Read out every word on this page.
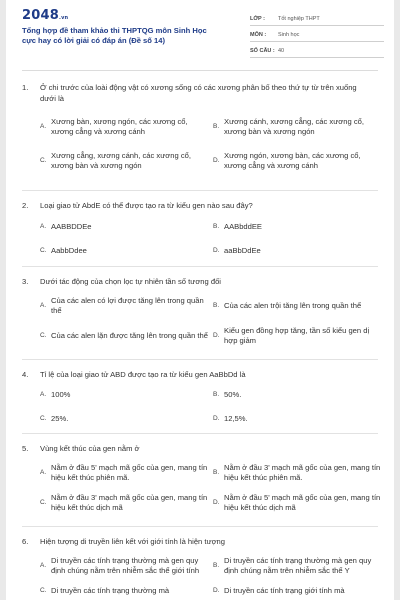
2048.vn
Tổng hợp đề tham khảo thi THPTQG môn Sinh Học cực hay có lời giải có đáp án (Đề số 14)
LỚP :	Tốt nghiệp THPT
MÔN :	Sinh học
SỐ CÂU : 40
1.	Ở chi trước của loài động vật có xương sống có các xương phân bố theo thứ tự từ trên xuống dưới là
A.
Xương bàn, xương ngón, các xương cổ, xương cẳng và xương cánh
B.
Xương cánh, xương cẳng, các xương cổ, xương bàn và xương ngón
C.
Xương cẳng, xương cánh, các xương cổ, xương bàn và xương ngón
D.
Xương ngón, xương bàn, các xương cổ, xương cẳng và xương cánh
2.	Loại giao tử AbdE có thể được tạo ra từ kiểu gen nào sau đây?
A. AABBDDEe	B. AABbddEE
C. AabbDdee	D. aaBbDdEe
3.	Dưới tác động của chọn lọc tự nhiên tần số tương đối
A.
Của các alen có lợi được tăng lên trong quần thể
B. Của các alen trội tăng lên trong quần thể
C. Của các alen lặn được tăng lên trong quần thể D.
Kiểu gen đồng hợp tăng, tần số kiểu gen dị hợp giảm
4.	Tỉ lệ của loại giao tử ABD được tạo ra từ kiểu gen AaBbDd là
A. 100%	B. 50%.
C. 25%.	D. 12,5%.
5.	Vùng kết thúc của gen nằm ở
A.
Nằm ở đầu 5' mạch mã gốc của gen, mang tín hiệu kết thúc phiên mã.
B.
Nằm ở đầu 3' mạch mã gốc của gen, mang tín hiệu kết thúc phiên mã.
C.
Nằm ở đầu 3' mạch mã gốc của gen, mang tín hiệu kết thúc dịch mã
D.
Nằm ở đầu 5' mạch mã gốc của gen, mang tín hiệu kết thúc dịch mã
6.	Hiện tượng di truyền liên kết với giới tính là hiện tượng
A.
Di truyền các tính trạng thường mà gen quy định chúng nằm trên nhiễm sắc thể giới tính
B.
Di truyền các tính trạng thường mà gen quy định chúng nằm trên nhiễm sắc thể Y
C. Di truyền các tính trạng thường mà	D. Di truyền các tính trạng giới tính mà
